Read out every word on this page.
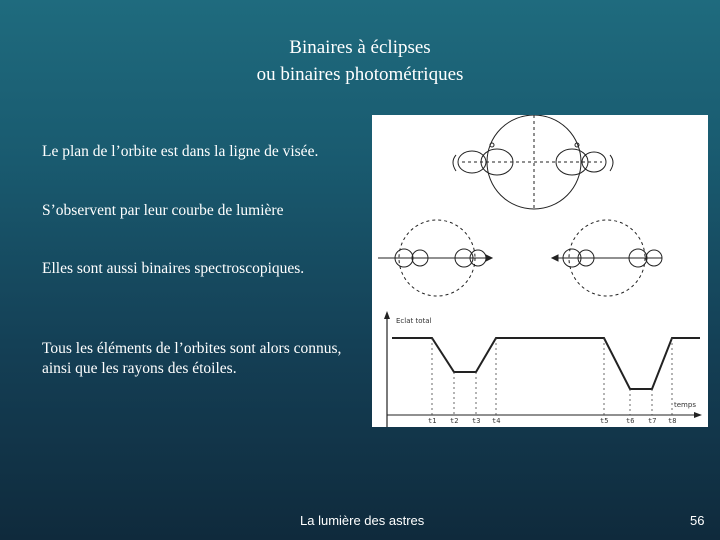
Binaires à éclipses
ou binaires photométriques
Le plan de l’orbite est dans la ligne de visée.
S’observent par leur courbe de lumière
Elles sont aussi binaires spectroscopiques.
Tous les éléments de l’orbites sont alors connus, ainsi que les rayons des étoiles.
Eclat total
temps
t1 t2 t3 t4	t5	t6 t7 t8
La lumière des astres	56
